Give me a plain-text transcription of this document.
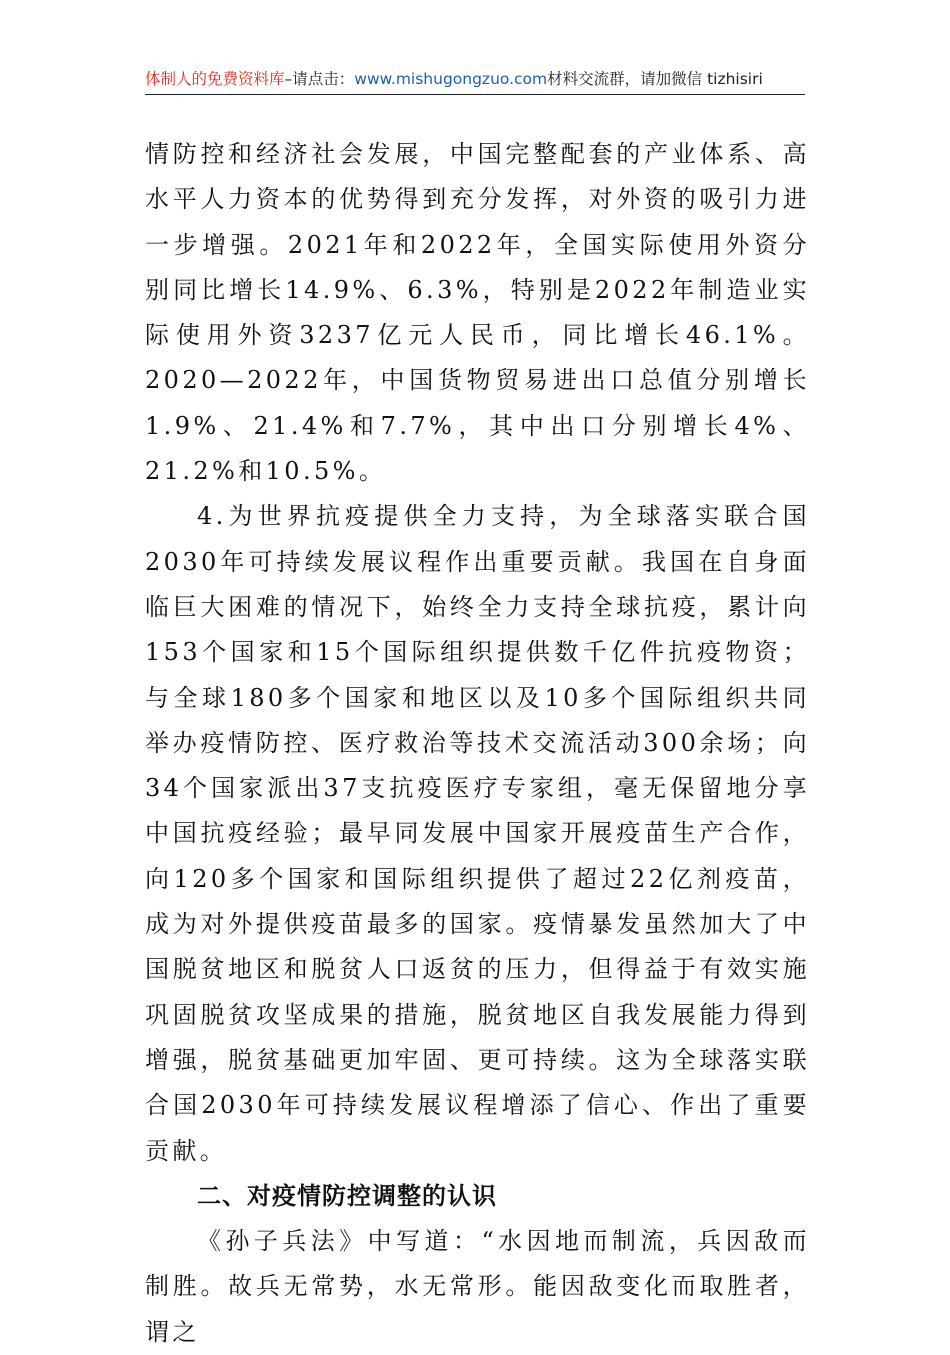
体制人的免费资料库–请点击：www.mishugongzuo.com材料交流群，请加微信 tizhisiri

情防控和经济社会发展，中国完整配套的产业体系、高水平人力资本的优势得到充分发挥，对外资的吸引力进一步增强。2021年和2022年，全国实际使用外资分别同比增长14.9%、6.3%，特别是2022年制造业实际使用外资3237亿元人民币，同比增长46.1%。2020—2022年，中国货物贸易进出口总值分别增长1.9%、21.4%和7.7%，其中出口分别增长4%、21.2%和10.5%。

4.为世界抗疫提供全力支持，为全球落实联合国2030年可持续发展议程作出重要贡献。我国在自身面临巨大困难的情况下，始终全力支持全球抗疫，累计向153个国家和15个国际组织提供数千亿件抗疫物资；与全球180多个国家和地区以及10多个国际组织共同举办疫情防控、医疗救治等技术交流活动300余场；向34个国家派出37支抗疫医疗专家组，毫无保留地分享中国抗疫经验；最早同发展中国家开展疫苗生产合作，向120多个国家和国际组织提供了超过22亿剂疫苗，成为对外提供疫苗最多的国家。疫情暴发虽然加大了中国脱贫地区和脱贫人口返贫的压力，但得益于有效实施巩固脱贫攻坚成果的措施，脱贫地区自我发展能力得到增强，脱贫基础更加牢固、更可持续。这为全球落实联合国2030年可持续发展议程增添了信心、作出了重要贡献。

二、对疫情防控调整的认识

《孙子兵法》中写道：“水因地而制流，兵因敌而制胜。故兵无常势，水无常形。能因敌变化而取胜者，谓之
